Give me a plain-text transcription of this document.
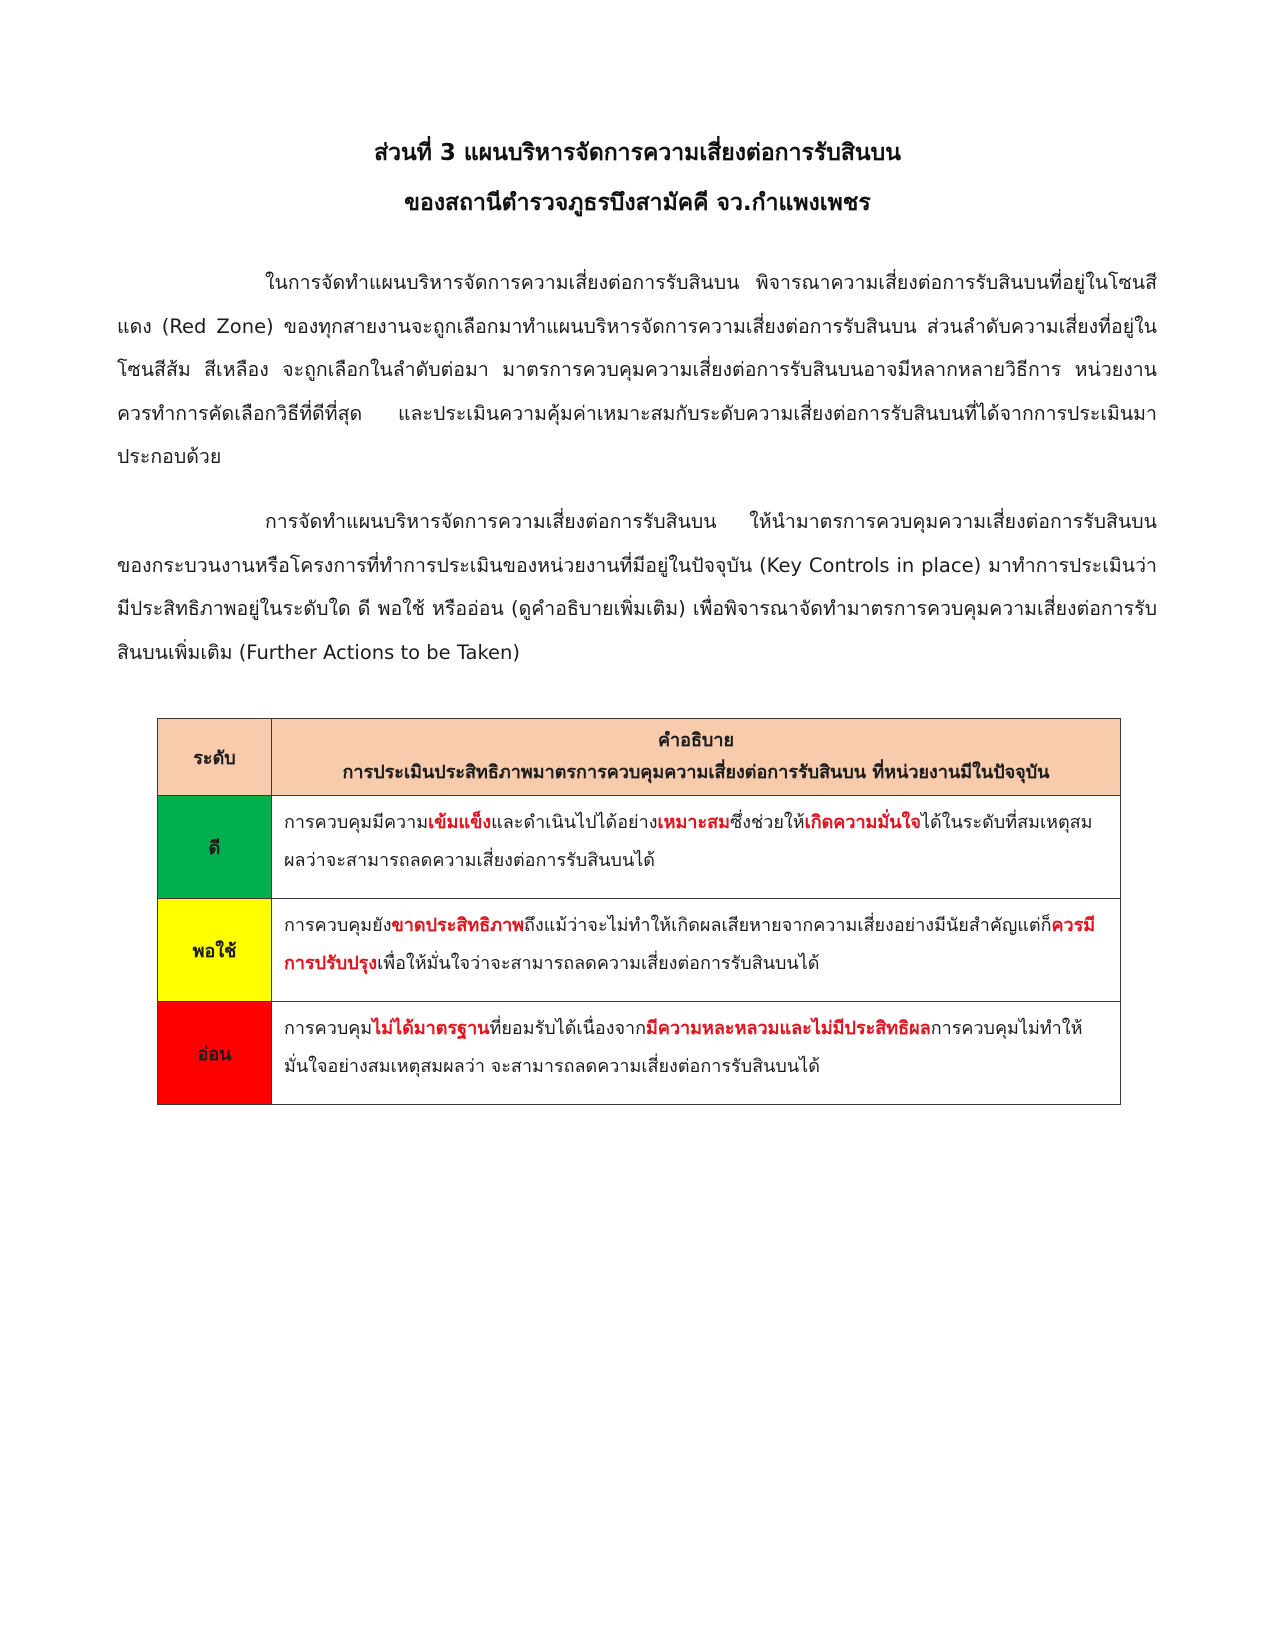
ส่วนที่ 3 แผนบริหารจัดการความเสี่ยงต่อการรับสินบน
ของสถานีตำรวจภูธรบึงสามัคคี จว.กำแพงเพชร

ในการจัดทำแผนบริหารจัดการความเสี่ยงต่อการรับสินบน พิจารณาความเสี่ยงต่อการรับสินบนที่อยู่ในโซนสีแดง (Red Zone) ของทุกสายงานจะถูกเลือกมาทำแผนบริหารจัดการความเสี่ยงต่อการรับสินบน ส่วนลำดับความเสี่ยงที่อยู่ในโซนสีส้ม สีเหลือง จะถูกเลือกในลำดับต่อมา มาตรการควบคุมความเสี่ยงต่อการรับสินบนอาจมีหลากหลายวิธีการ หน่วยงานควรทำการคัดเลือกวิธีที่ดีที่สุด และประเมินความคุ้มค่าเหมาะสมกับระดับความเสี่ยงต่อการรับสินบนที่ได้จากการประเมินมาประกอบด้วย

การจัดทำแผนบริหารจัดการความเสี่ยงต่อการรับสินบน ให้นำมาตรการควบคุมความเสี่ยงต่อการรับสินบนของกระบวนงานหรือโครงการที่ทำการประเมินของหน่วยงานที่มีอยู่ในปัจจุบัน (Key Controls in place) มาทำการประเมินว่ามีประสิทธิภาพอยู่ในระดับใด ดี พอใช้ หรืออ่อน (ดูคำอธิบายเพิ่มเติม) เพื่อพิจารณาจัดทำมาตรการควบคุมความเสี่ยงต่อการรับสินบนเพิ่มเติม (Further Actions to be Taken)

ระดับ	คำอธิบาย
การประเมินประสิทธิภาพมาตรการควบคุมความเสี่ยงต่อการรับสินบน ที่หน่วยงานมีในปัจจุบัน

ดี	การควบคุมมีความเข้มแข็งและดำเนินไปได้อย่างเหมาะสมซึ่งช่วยให้เกิดความมั่นใจได้ในระดับที่สมเหตุสมผลว่าจะสามารถลดความเสี่ยงต่อการรับสินบนได้
พอใช้	การควบคุมยังขาดประสิทธิภาพถึงแม้ว่าจะไม่ทำให้เกิดผลเสียหายจากความเสี่ยงอย่างมีนัยสำคัญแต่ก็ควรมีการปรับปรุงเพื่อให้มั่นใจว่าจะสามารถลดความเสี่ยงต่อการรับสินบนได้
อ่อน	การควบคุมไม่ได้มาตรฐานที่ยอมรับได้เนื่องจากมีความหละหลวมและไม่มีประสิทธิผลการควบคุมไม่ทำให้มั่นใจอย่างสมเหตุสมผลว่า จะสามารถลดความเสี่ยงต่อการรับสินบนได้
